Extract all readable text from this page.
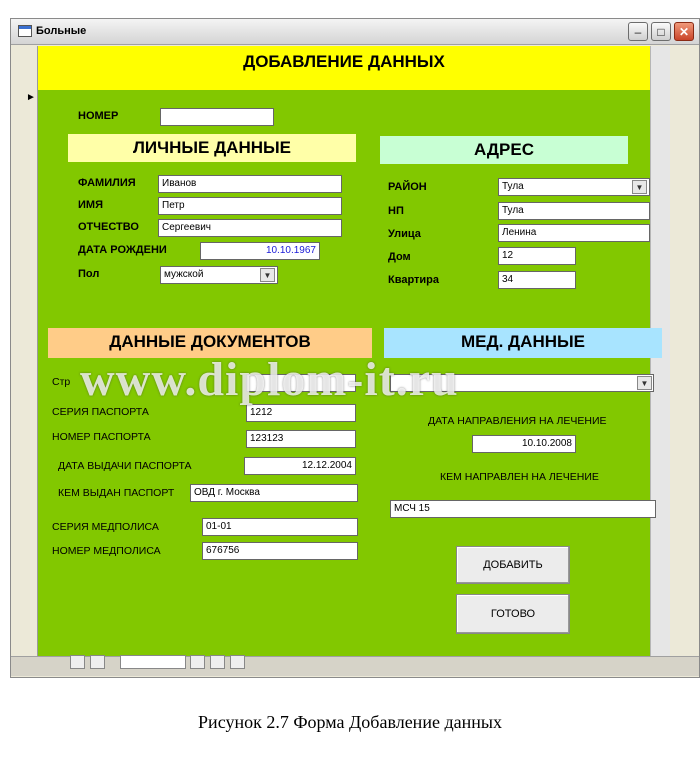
Больные	–	□	✕
►
ДОБАВЛЕНИЕ ДАННЫХ
НОМЕР
ЛИЧНЫЕ ДАННЫЕ
ФАМИЛИЯ	Иванов
ИМЯ	Петр
ОТЧЕСТВО	Сергеевич
ДАТА РОЖДЕНИ	10.10.1967
Пол	мужской	▼
АДРЕС
РАЙОН	Тула	▼
НП	Тула
Улица	Ленина
Дом	12
Квартира	34
ДАННЫЕ ДОКУМЕНТОВ
Стр
СЕРИЯ ПАСПОРТА	1212
НОМЕР ПАСПОРТА	123123
ДАТА ВЫДАЧИ ПАСПОРТА	12.12.2004
КЕМ ВЫДАН ПАСПОРТ	ОВД г. Москва
СЕРИЯ МЕДПОЛИСА	01-01
НОМЕР МЕДПОЛИСА	676756
МЕД. ДАННЫЕ
▼
ДАТА НАПРАВЛЕНИЯ НА ЛЕЧЕНИЕ
10.10.2008
КЕМ НАПРАВЛЕН НА ЛЕЧЕНИЕ
МСЧ 15
ДОБАВИТЬ
ГОТОВО
www.diplom-it.ru
Рисунок 2.7 Форма Добавление данных
